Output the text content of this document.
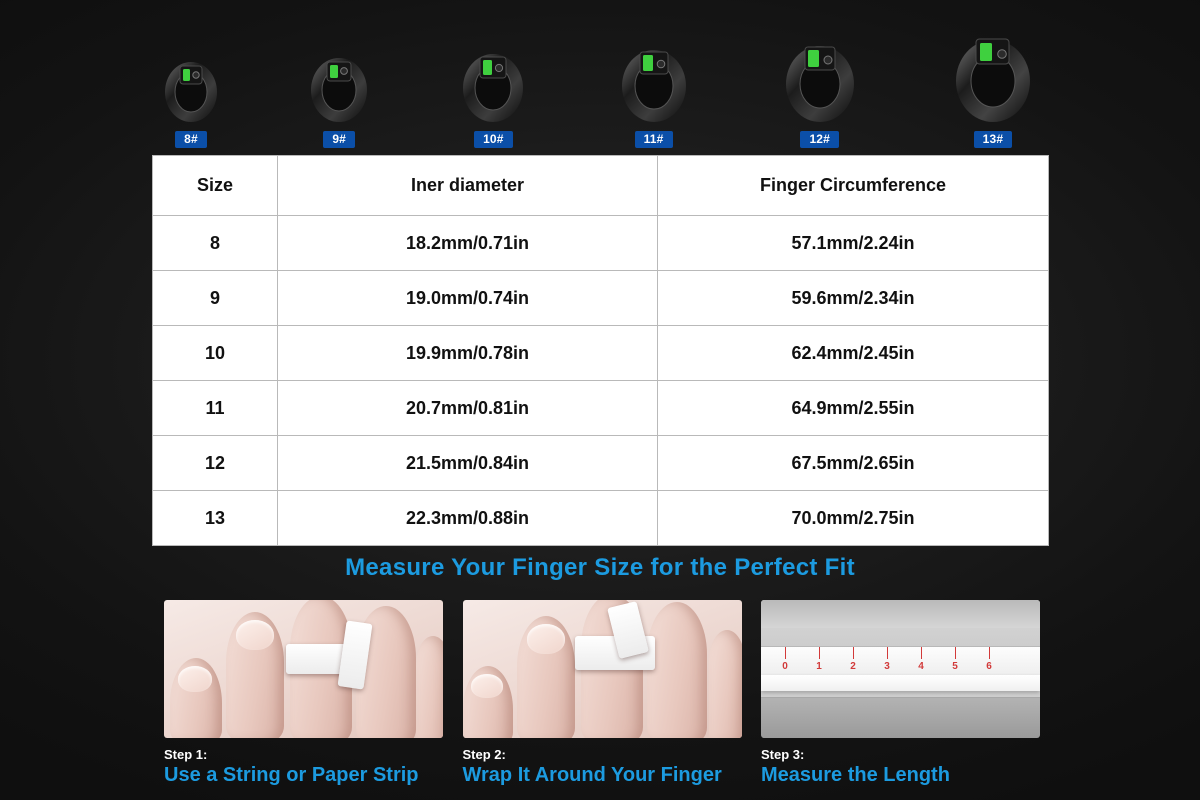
8#	9#	10#	11#	12#	13#
Size	Iner diameter	Finger Circumference
8	18.2mm/0.71in	57.1mm/2.24in
9	19.0mm/0.74in	59.6mm/2.34in
10	19.9mm/0.78in	62.4mm/2.45in
11	20.7mm/0.81in	64.9mm/2.55in
12	21.5mm/0.84in	67.5mm/2.65in
13	22.3mm/0.88in	70.0mm/2.75in
Measure Your Finger Size for the Perfect Fit
Step 1:
Use a String or Paper Strip
Step 2:
Wrap It Around Your Finger
0	1	2	3	4	5	6
Step 3:
Measure the Length
